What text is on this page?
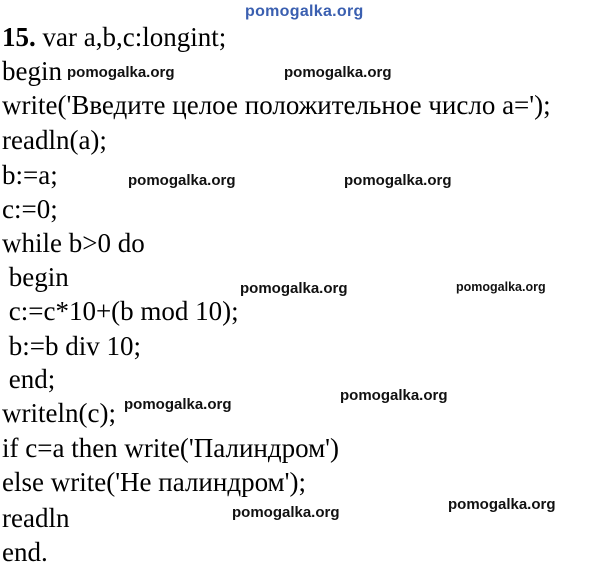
15. var a,b,c:longint;
begin
write('Введите целое положительное число a=');
readln(a);
b:=a;
c:=0;
while b>0 do
begin
c:=c*10+(b mod 10);
b:=b div 10;
end;
writeln(c);
if c=a then write('Палиндром')
else write('Не палиндром');
readln
end.
pomogalka.org
pomogalka.org	pomogalka.org
pomogalka.org	pomogalka.org
pomogalka.org	pomogalka.org
pomogalka.org
pomogalka.org
pomogalka.org	pomogalka.org
